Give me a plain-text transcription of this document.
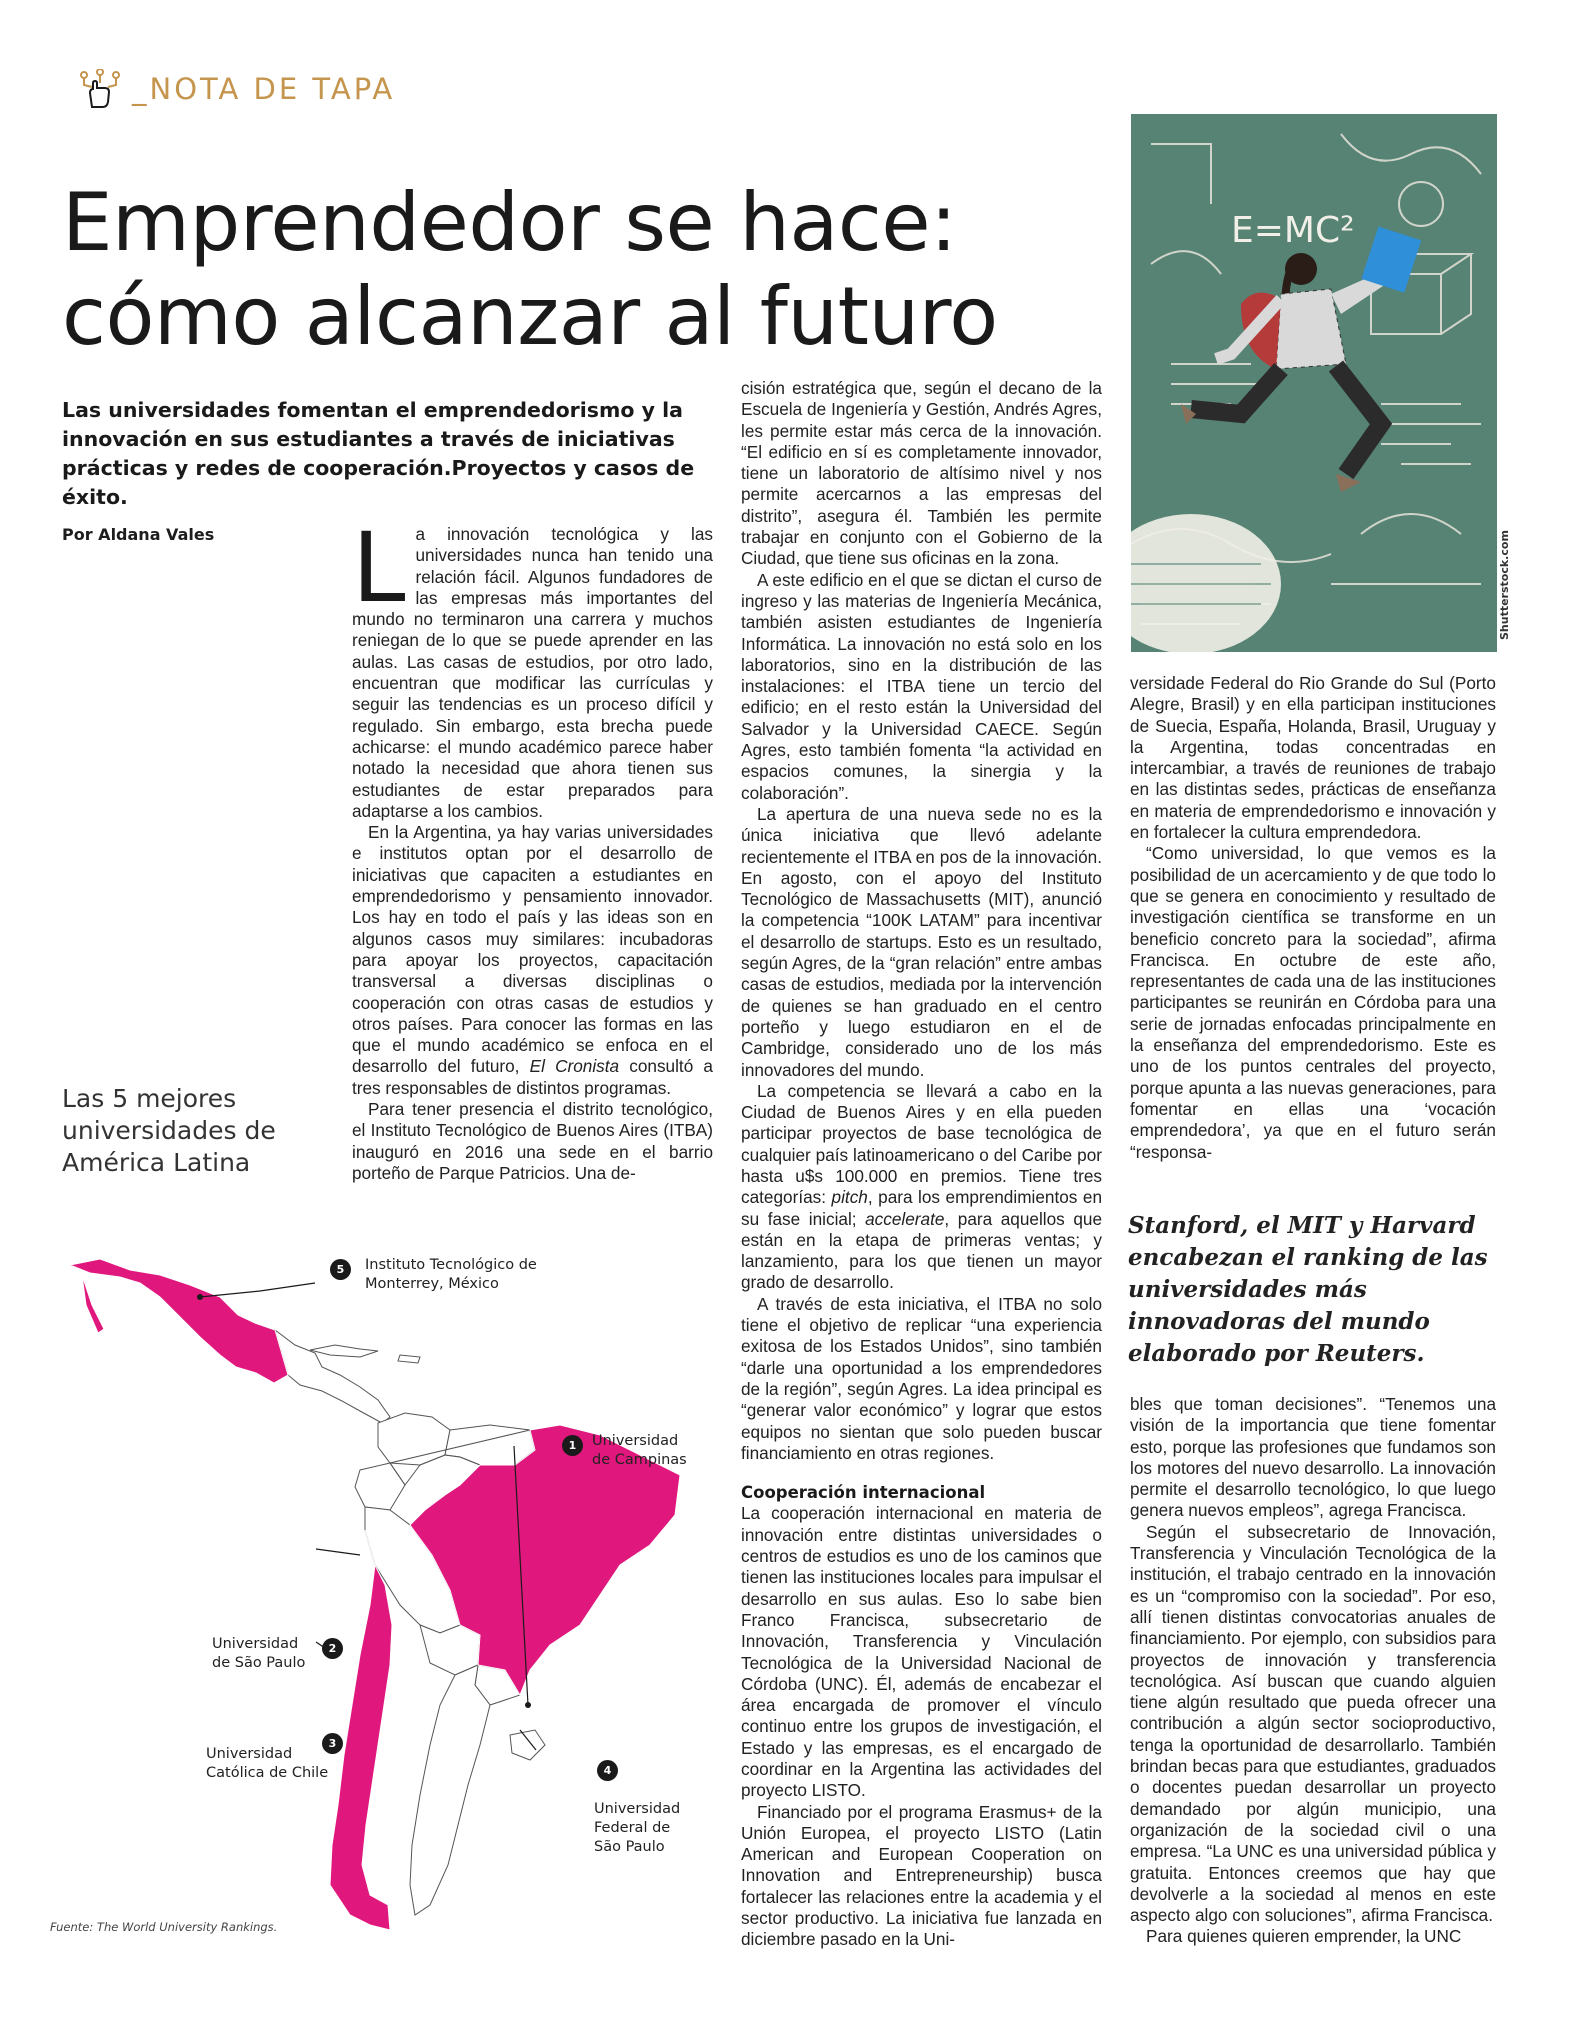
_NOTA DE TAPA
Emprendedor se hace:
cómo alcanzar al futuro

Las universidades fomentan el emprendedorismo y la innovación en sus estudiantes a través de iniciativas prácticas y redes de cooperación.Proyectos y casos de éxito.

Por Aldana Vales L a innovación tecnológica y las universidades nunca han tenido una relación fácil. Algunos fundadores de las empresas más importantes del mundo no terminaron una carrera y muchos reniegan de lo que se puede aprender en las aulas. Las casas de estudios, por otro lado, encuentran que modificar las currículas y seguir las tendencias es un proceso difícil y regulado. Sin embargo, esta brecha puede achicarse: el mundo académico parece haber notado la necesidad que ahora tienen sus estudiantes de estar preparados para adaptarse a los cambios.

En la Argentina, ya hay varias universidades e institutos optan por el desarrollo de iniciativas que capaciten a estudiantes en emprendedorismo y pensamiento innovador. Los hay en todo el país y las ideas son en algunos casos muy similares: incubadoras para apoyar los proyectos, capacitación transversal a diversas disciplinas o cooperación con otras casas de estudios y otros países. Para conocer las formas en las que el mundo académico se enfoca en el desarrollo del futuro, El Cronista consultó a tres responsables de distintos programas.

Para tener presencia el distrito tecnológico, el Instituto Tecnológico de Buenos Aires (ITBA) inauguró en 2016 una sede en el barrio porteño de Parque Patricios. Una de-

cisión estratégica que, según el decano de la Escuela de Ingeniería y Gestión, Andrés Agres, les permite estar más cerca de la innovación. “El edificio en sí es completamente innovador, tiene un laboratorio de altísimo nivel y nos permite acercarnos a las empresas del distrito”, asegura él. También les permite trabajar en conjunto con el Gobierno de la Ciudad, que tiene sus oficinas en la zona.

A este edificio en el que se dictan el curso de ingreso y las materias de Ingeniería Mecánica, también asisten estudiantes de Ingeniería Informática. La innovación no está solo en los laboratorios, sino en la distribución de las instalaciones: el ITBA tiene un tercio del edificio; en el resto están la Universidad del Salvador y la Universidad CAECE. Según Agres, esto también fomenta “la actividad en espacios comunes, la sinergia y la colaboración”.

La apertura de una nueva sede no es la única iniciativa que llevó adelante recientemente el ITBA en pos de la innovación. En agosto, con el apoyo del Instituto Tecnológico de Massachusetts (MIT), anunció la competencia “100K LATAM” para incentivar el desarrollo de startups. Esto es un resultado, según Agres, de la “gran relación” entre ambas casas de estudios, mediada por la intervención de quienes se han graduado en el centro porteño y luego estudiaron en el de Cambridge, considerado uno de los más innovadores del mundo.

La competencia se llevará a cabo en la Ciudad de Buenos Aires y en ella pueden participar proyectos de base tecnológica de cualquier país latinoamericano o del Caribe por hasta u$s 100.000 en premios. Tiene tres categorías: pitch, para los emprendimientos en su fase inicial; accelerate, para aquellos que están en la etapa de primeras ventas; y lanzamiento, para los que tienen un mayor grado de desarrollo.

A través de esta iniciativa, el ITBA no solo tiene el objetivo de replicar “una experiencia exitosa de los Estados Unidos”, sino también “darle una oportunidad a los emprendedores de la región”, según Agres. La idea principal es “generar valor económico” y lograr que estos equipos no sientan que solo pueden buscar financiamiento en otras regiones.

Cooperación internacional

La cooperación internacional en materia de innovación entre distintas universidades o centros de estudios es uno de los caminos que tienen las instituciones locales para impulsar el desarrollo en sus aulas. Eso lo sabe bien Franco Francisca, subsecretario de Innovación, Transferencia y Vinculación Tecnológica de la Universidad Nacional de Córdoba (UNC). Él, además de encabezar el área encargada de promover el vínculo continuo entre los grupos de investigación, el Estado y las empresas, es el encargado de coordinar en la Argentina las actividades del proyecto LISTO.

Financiado por el programa Erasmus+ de la Unión Europea, el proyecto LISTO (Latin American and European Cooperation on Innovation and Entrepreneurship) busca fortalecer las relaciones entre la academia y el sector productivo. La iniciativa fue lanzada en diciembre pasado en la Uni-

E=MC²
Shutterstock.com

versidade Federal do Rio Grande do Sul (Porto Alegre, Brasil) y en ella participan instituciones de Suecia, España, Holanda, Brasil, Uruguay y la Argentina, todas concentradas en intercambiar, a través de reuniones de trabajo en las distintas sedes, prácticas de enseñanza en materia de emprendedorismo e innovación y en fortalecer la cultura emprendedora.

“Como universidad, lo que vemos es la posibilidad de un acercamiento y de que todo lo que se genera en conocimiento y resultado de investigación científica se transforme en un beneficio concreto para la sociedad”, afirma Francisca. En octubre de este año, representantes de cada una de las instituciones participantes se reunirán en Córdoba para una serie de jornadas enfocadas principalmente en la enseñanza del emprendedorismo. Este es uno de los puntos centrales del proyecto, porque apunta a las nuevas generaciones, para fomentar en ellas una ‘vocación emprendedora’, ya que en el futuro serán “responsa-

Stanford, el MIT y Harvard encabezan el ranking de las universidades más innovadoras del mundo elaborado por Reuters.

bles que toman decisiones”. “Tenemos una visión de la importancia que tiene fomentar esto, porque las profesiones que fundamos son los motores del nuevo desarrollo. La innovación permite el desarrollo tecnológico, lo que luego genera nuevos empleos”, agrega Francisca.

Según el subsecretario de Innovación, Transferencia y Vinculación Tecnológica de la institución, el trabajo centrado en la innovación es un “compromiso con la sociedad”. Por eso, allí tienen distintas convocatorias anuales de financiamiento. Por ejemplo, con subsidios para proyectos de innovación y transferencia tecnológica. Así buscan que cuando alguien tiene algún resultado que pueda ofrecer una contribución a algún sector socioproductivo, tenga la oportunidad de desarrollarlo. También brindan becas para que estudiantes, graduados o docentes puedan desarrollar un proyecto demandado por algún municipio, una organización de la sociedad civil o una empresa. “La UNC es una universidad pública y gratuita. Entonces creemos que hay que devolverle a la sociedad al menos en este aspecto algo con soluciones”, afirma Francisca.

Para quienes quieren emprender, la UNC

Las 5 mejores universidades de América Latina
5	Instituto Tecnológico de
Monterrey, México
1	Universidad
de Campinas
2
Universidad
de São Paulo
3
Universidad
Católica de Chile	4
Universidad
Federal de
São Paulo
Fuente: The World University Rankings.
